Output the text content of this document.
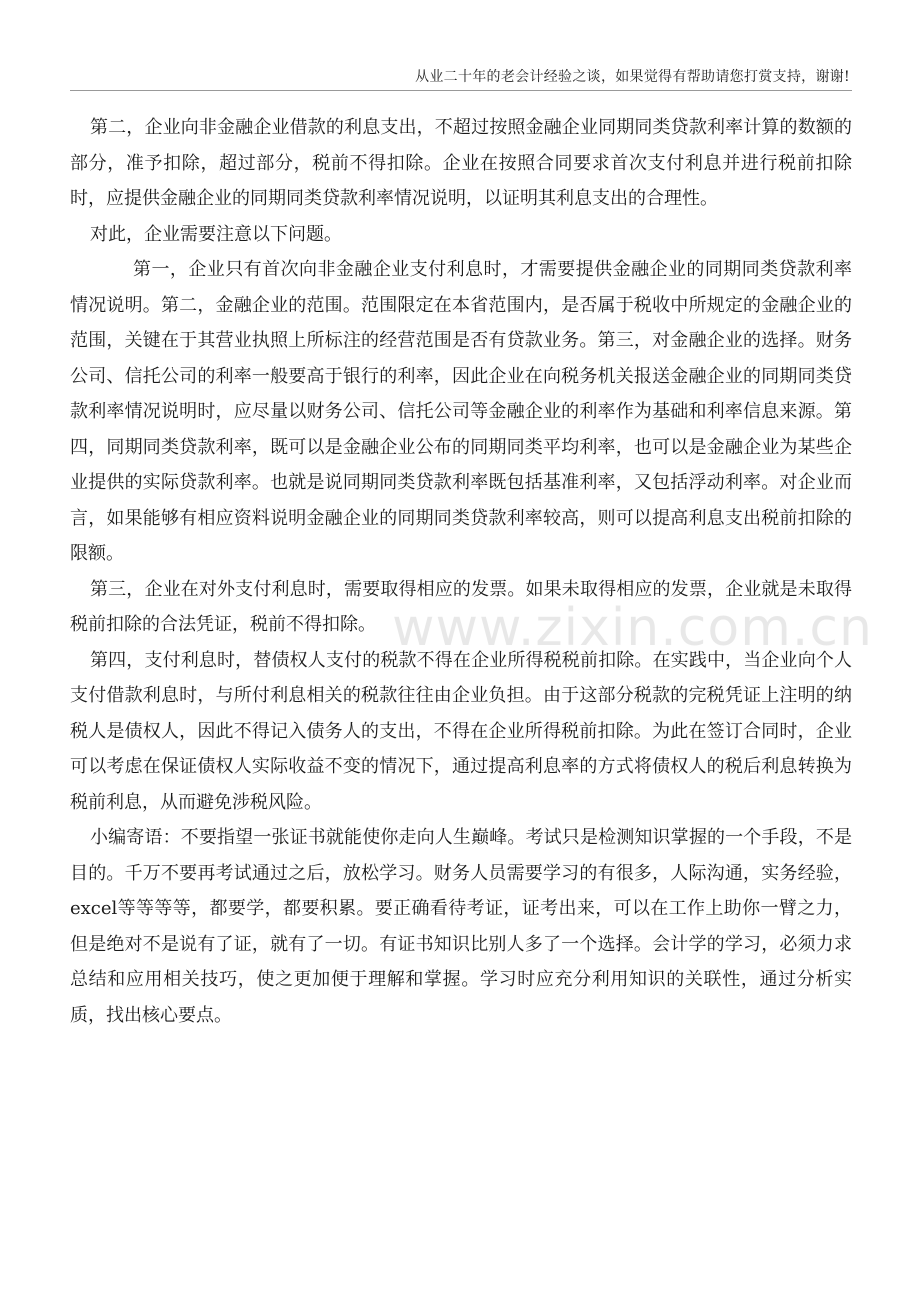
从业二十年的老会计经验之谈，如果觉得有帮助请您打赏支持，谢谢!

第二，企业向非金融企业借款的利息支出，不超过按照金融企业同期同类贷款利率计算的数额的部分，准予扣除，超过部分，税前不得扣除。企业在按照合同要求首次支付利息并进行税前扣除时，应提供金融企业的同期同类贷款利率情况说明，以证明其利息支出的合理性。

对此，企业需要注意以下问题。

第一，企业只有首次向非金融企业支付利息时，才需要提供金融企业的同期同类贷款利率情况说明。第二，金融企业的范围。范围限定在本省范围内，是否属于税收中所规定的金融企业的范围，关键在于其营业执照上所标注的经营范围是否有贷款业务。第三，对金融企业的选择。财务公司、信托公司的利率一般要高于银行的利率，因此企业在向税务机关报送金融企业的同期同类贷款利率情况说明时，应尽量以财务公司、信托公司等金融企业的利率作为基础和利率信息来源。第四，同期同类贷款利率，既可以是金融企业公布的同期同类平均利率，也可以是金融企业为某些企业提供的实际贷款利率。也就是说同期同类贷款利率既包括基准利率，又包括浮动利率。对企业而言，如果能够有相应资料说明金融企业的同期同类贷款利率较高，则可以提高利息支出税前扣除的限额。

第三，企业在对外支付利息时，需要取得相应的发票。如果未取得相应的发票，企业就是未取得税前扣除的合法凭证，税前不得扣除。

第四，支付利息时，替债权人支付的税款不得在企业所得税税前扣除。在实践中，当企业向个人支付借款利息时，与所付利息相关的税款往往由企业负担。由于这部分税款的完税凭证上注明的纳税人是债权人，因此不得记入债务人的支出，不得在企业所得税前扣除。为此在签订合同时，企业可以考虑在保证债权人实际收益不变的情况下，通过提高利息率的方式将债权人的税后利息转换为税前利息，从而避免涉税风险。

小编寄语：不要指望一张证书就能使你走向人生巅峰。考试只是检测知识掌握的一个手段，不是目的。千万不要再考试通过之后，放松学习。财务人员需要学习的有很多，人际沟通，实务经验，excel等等等等，都要学，都要积累。要正确看待考证，证考出来，可以在工作上助你一臂之力，但是绝对不是说有了证，就有了一切。有证书知识比别人多了一个选择。会计学的学习，必须力求总结和应用相关技巧，使之更加便于理解和掌握。学习时应充分利用知识的关联性，通过分析实质，找出核心要点。

www.zixin.com.cn
